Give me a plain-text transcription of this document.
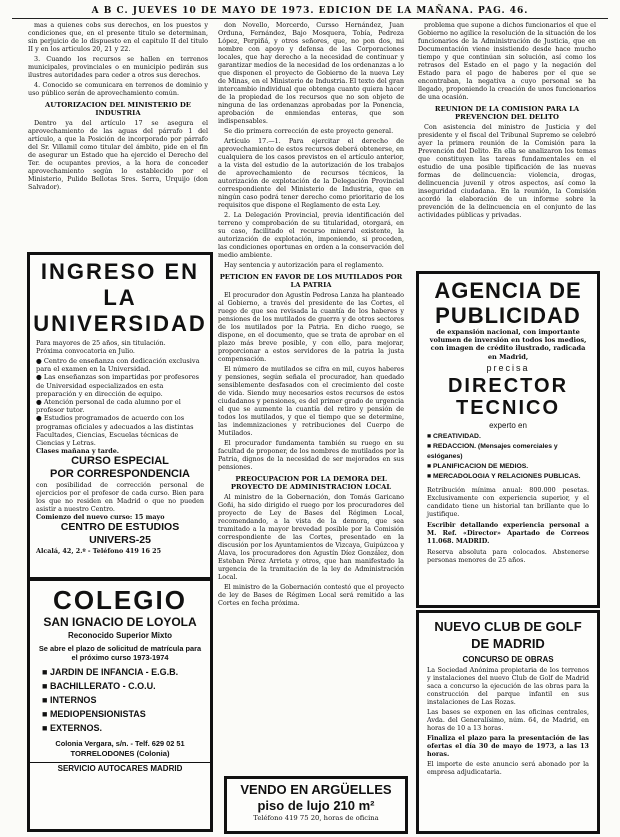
A B C. JUEVES 10 DE MAYO DE 1973. EDICION DE LA MAÑANA. PAG. 46.

mas a quienes cobs sus derechos, en los puestos y condiciones que, en el presente titulo se determinan, sin perjuicio de lo dispuesto en el capitulo II del titulo II y en los articulos 20, 21 y 22.

3. Cuando los recursos se hallen en terrenos municipales, provinciales o en municipio pedirán sus ilustres autoridades para ceder a otros sus derechos.

4. Conocido se comunicara en terrenos de dominio y uso público serán de aprovechamiento común.

AUTORIZACION DEL MINISTERIO DE INDUSTRIA

Dentro ya del artículo 17 se asegura el aprovechamiento de las aguas del párrafo 1 del artículo, a que la Posición de incorporado por párrafo del Sr. Villamil como titular del ámbito, pide en el fin de asegurar un Estado que ha ejercido el Derecho del Ter. de ocupantes previos, a la hora de conceder aprovechamiento según lo establecido por el Ministerio, Pulido Bellotas Sres. Serra, Urquijo (don Salvador).

INGRESO EN LA
UNIVERSIDAD
Para mayores de 25 años, sin titulación.
Próxima convocatoria en Julio.
● Centro de enseñanza con dedicación exclusiva para el examen en la Universidad.
● Las enseñanzas son impartidas por profesores de Universidad especializados en esta preparación y en dirección de equipo.
● Atención personal de cada alumno por el profesor tutor.
● Estudios programados de acuerdo con los programas oficiales y adecuados a las distintas Facultades, Ciencias, Escuelas técnicas de Ciencias y Letras.
Clases mañana y tarde.
CURSO ESPECIAL
POR CORRESPONDENCIA
con posibilidad de corrección personal de ejercicios por el profesor de cada curso. Bien para los que no residen en Madrid o que no pueden asistir a nuestro Centro.
Comienzo del nuevo curso: 15 mayo
CENTRO DE ESTUDIOS
UNIVERS-25
Alcalá, 42, 2.º - Teléfono 419 16 25
COLEGIO
SAN IGNACIO DE LOYOLA
Reconocido Superior Mixto
Se abre el plazo de solicitud de matrícula para el próximo curso 1973-1974
■ JARDIN DE INFANCIA - E.G.B.
■ BACHILLERATO - C.O.U.
■ INTERNOS
■ MEDIOPENSIONISTAS
■ EXTERNOS.
Colonia Vergara, s/n. - Telf. 629 02 51
TORRELODONES (Colonia)
SERVICIO AUTOCARES MADRID

don Novello, Morcerdo, Cursso Hernández, Juan Orduna, Fernández, Bajo Mosquera, Tobía, Pedreza López, Perpiñá, y otros señores, que, no pon dos, mi nombre con apoyo y defensa de las Corporaciones locales, que hay derecho a la necesidad de continuar y garantizar medios de la necesidad de los ordenanzas a lo que disponen el proyecto de Gobierno de la nueva Ley de Minas, en el Ministerio de Industria. El texto del gran intercambio individual que obtenga cuanto quiera hacer de la propiedad de los recursos que no son objeto de ninguna de las ordenanzas aprobadas por la Ponencia, aprobación de enmiendas enteras, que son indispensables.

Se dio primera corrección de este proyecto general.

Artículo 17.—1. Para ejercitar el derecho de aprovechamiento de estos recursos deberá obtenerse, en cualquiera de los casos previstos en el artículo anterior, a la vista del estudio de la autorización de los trabajos de aprovechamiento de recursos técnicos, la autorización de explotación de la Delegación Provincial correspondiente del Ministerio de Industria, que en ningún caso podrá tener derecho como prioritario de los requisitos que dispone el Reglamento de esta Ley.

2. La Delegación Provincial, previa identificación del terreno y comprobación de su titularidad, otorgará, en su caso, facilitado el recurso mineral existente, la autorización de explotación, imponiendo, si proceden, las condiciones oportunas en orden a la conservación del medio ambiente.

Hay sentencia y autorización para el reglamento.

PETICION EN FAVOR DE LOS MUTILADOS POR LA PATRIA

El procurador don Agustín Pedrosa Lanza ha planteado al Gobierno, a través del presidente de las Cortes, el ruego de que sea revisada la cuantía de los haberes y pensiones de los mutilados de guerra y de otros sectores de los mutilados por la Patria. En dicho ruego, se dispone, en el documento, que se trata de aprobar en el plazo más breve posible, y con ello, para mejorar, proporcionar a estos servidores de la patria la justa compensación.

El número de mutilados se cifra en mil, cuyos haberes y pensiones, según señala el procurador, han quedado sensiblemente desfasados con el crecimiento del coste de vida. Siendo muy necesarios estos recursos de estos ciudadanos y pensiones, es del primer grado de urgencia el que se aumente la cuantía del retiro y pensión de todos los mutilados, y que el tiempo que se determine, las indemnizaciones y retribuciones del Cuerpo de Mutilados.

El procurador fundamenta también su ruego en su facultad de proponer, de los nombres de mutilados por la Patria, dignos de la necesidad de ser mejorados en sus pensiones.

PREOCUPACION POR LA DEMORA DEL PROYECTO DE ADMINISTRACION LOCAL

Al ministro de la Gobernación, don Tomás Garicano Goñi, ha sido dirigido el ruego por los procuradores del proyecto de Ley de Bases del Régimen Local, recomendando, a la vista de la demora, que sea tramitado a la mayor brevedad posible por la Comisión correspondiente de las Cortes, presentado en la discusión por los Ayuntamientos de Vizcaya, Guipúzcoa y Álava, los procuradores don Agustín Díez González, don Esteban Pérez Arrieta y otros, que han manifestado la urgencia de la tramitación de la ley de Administración Local.

El ministro de la Gobernación contestó que el proyecto de ley de Bases de Régimen Local será remitido a las Cortes en fecha próxima.

VENDO EN ARGÜELLES
piso de lujo 210 m²
Teléfono 419 75 20, horas de oficina

problema que supone a dichos funcionarios el que el Gobierno no agilice la resolución de la situación de los funcionarios de la Administración de Justicia, que en Documentación viene insistiendo desde hace mucho tiempo y que continúan sin solución, así como los retrasos del Estado en el pago y la negación del Estado para el pago de haberes por el que se encontraban, la negativa a cuyo personal se ha llegado, proponiendo la creación de unos funcionarios de una ocasión.

REUNION DE LA COMISION PARA LA PREVENCION DEL DELITO

Con asistencia del ministro de Justicia y del presidente y el fiscal del Tribunal Supremo se celebró ayer la primera reunión de la Comisión para la Prevención del Delito. En ella se analizaron los temas que constituyen las tareas fundamentales en el estudio de una posible tipificación de las nuevas formas de delincuencia: violencia, drogas, delincuencia juvenil y otros aspectos, así como la inseguridad ciudadana. En la reunión, la Comisión acordó la elaboración de un informe sobre la prevención de la delincuencia en el conjunto de las actividades públicas y privadas.

AGENCIA DE
PUBLICIDAD
de expansión nacional, con importante volumen de inversión en todos los medios, con imagen de crédito ilustrado, radicada en Madrid,
precisa
DIRECTOR
TECNICO
experto en
■ CREATIVIDAD.
■ REDACCION. (Mensajes comerciales y eslóganes)
■ PLANIFICACION DE MEDIOS.
■ MERCADOLOGIA Y RELACIONES PUBLICAS.
Retribución mínima anual: 800.000 pesetas. Exclusivamente con experiencia superior, y el candidato tiene un historial tan brillante que lo justifique.
Escribir detallando experiencia personal a M. Ref. «Director» Apartado de Correos 11.068. MADRID.
Reserva absoluta para colocados. Abstenerse personas menores de 25 años.
NUEVO CLUB DE GOLF
DE MADRID
CONCURSO DE OBRAS
La Sociedad Anónima propietaria de los terrenos y instalaciones del nuevo Club de Golf de Madrid saca a concurso la ejecución de las obras para la construcción del parque infantil en sus instalaciones de Las Rozas.
Las bases se exponen en las oficinas centrales, Avda. del Generalísimo, núm. 64, de Madrid, en horas de 10 a 13 horas.
Finaliza el plazo para la presentación de las ofertas el día 30 de mayo de 1973, a las 13 horas.
El importe de este anuncio será abonado por la empresa adjudicataria.
